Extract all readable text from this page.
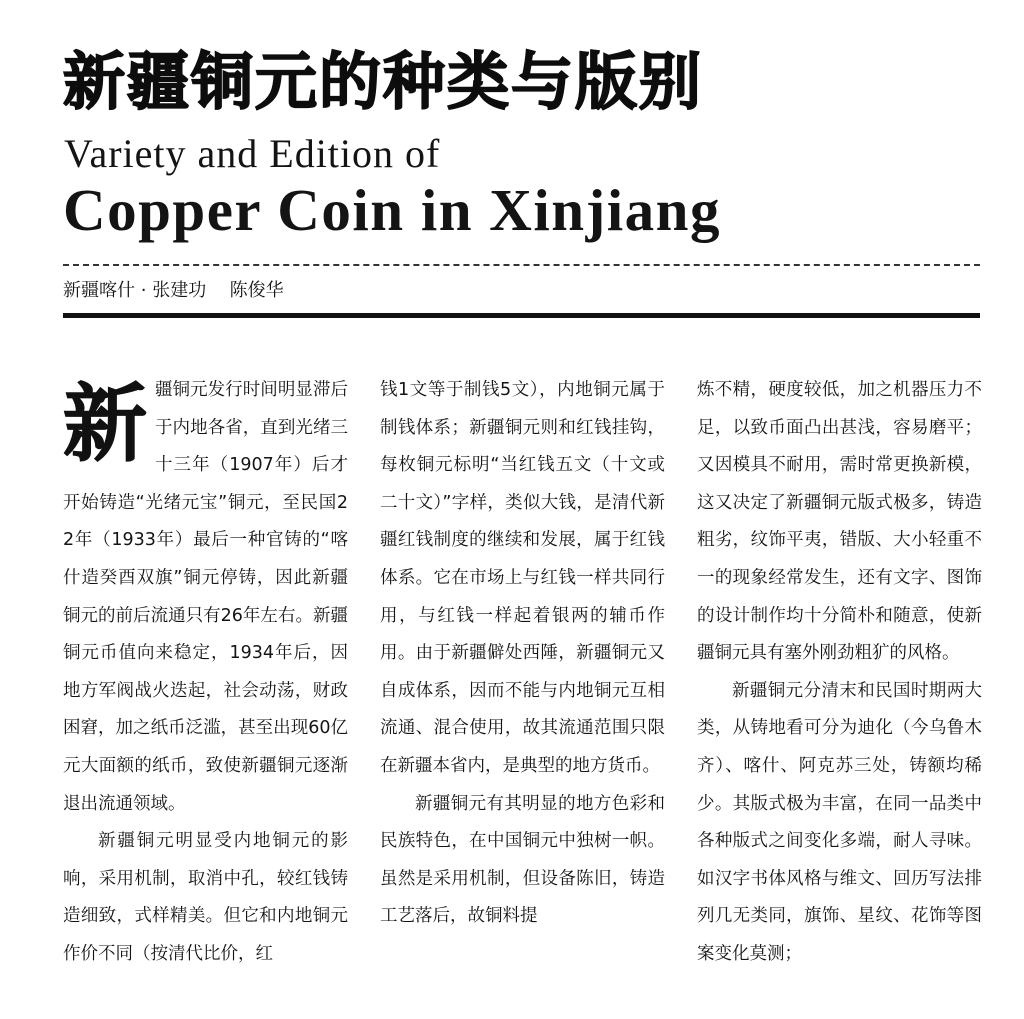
新疆铜元的种类与版别
Variety and Edition of
Copper Coin in Xinjiang
新疆喀什 · 张建功 陈俊华

新疆铜元发行时间明显滞后于内地各省，直到光绪三十三年（1907年）后才开始铸造“光绪元宝”铜元，至民国22年（1933年）最后一种官铸的“喀什造癸酉双旗”铜元停铸，因此新疆铜元的前后流通只有26年左右。新疆铜元币值向来稳定，1934年后，因地方军阀战火迭起，社会动荡，财政困窘，加之纸币泛滥，甚至出现60亿元大面额的纸币，致使新疆铜元逐渐退出流通领域。

新疆铜元明显受内地铜元的影响，采用机制，取消中孔，较红钱铸造细致，式样精美。但它和内地铜元作价不同（按清代比价，红

钱1文等于制钱5文），内地铜元属于制钱体系；新疆铜元则和红钱挂钩，每枚铜元标明“当红钱五文（十文或二十文）”字样，类似大钱，是清代新疆红钱制度的继续和发展，属于红钱体系。它在市场上与红钱一样共同行用，与红钱一样起着银两的辅币作用。由于新疆僻处西陲，新疆铜元又自成体系，因而不能与内地铜元互相流通、混合使用，故其流通范围只限在新疆本省内，是典型的地方货币。

新疆铜元有其明显的地方色彩和民族特色，在中国铜元中独树一帜。虽然是采用机制，但设备陈旧，铸造工艺落后，故铜料提

炼不精，硬度较低，加之机器压力不足，以致币面凸出甚浅，容易磨平；又因模具不耐用，需时常更换新模，这又决定了新疆铜元版式极多，铸造粗劣，纹饰平夷，错版、大小轻重不一的现象经常发生，还有文字、图饰的设计制作均十分简朴和随意，使新疆铜元具有塞外刚劲粗犷的风格。

新疆铜元分清末和民国时期两大类，从铸地看可分为迪化（今乌鲁木齐）、喀什、阿克苏三处，铸额均稀少。其版式极为丰富，在同一品类中各种版式之间变化多端，耐人寻味。如汉字书体风格与维文、回历写法排列几无类同，旗饰、星纹、花饰等图案变化莫测；
